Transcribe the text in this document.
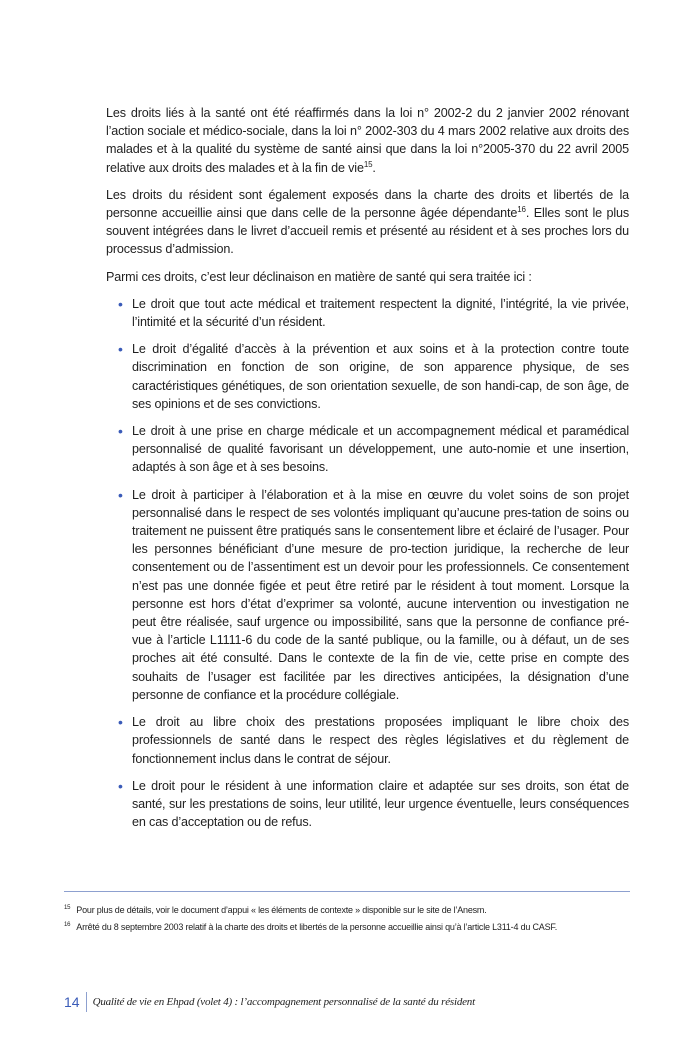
Les droits liés à la santé ont été réaffirmés dans la loi n° 2002-2 du 2 janvier 2002 rénovant l’action sociale et médico-sociale, dans la loi n° 2002-303 du 4 mars 2002 relative aux droits des malades et à la qualité du système de santé ainsi que dans la loi n°2005-370 du 22 avril 2005 relative aux droits des malades et à la fin de vie$^{15}$.

Les droits du résident sont également exposés dans la charte des droits et libertés de la personne accueillie ainsi que dans celle de la personne âgée dépendante$^{16}$. Elles sont le plus souvent intégrées dans le livret d’accueil remis et présenté au résident et à ses proches lors du processus d’admission.

Parmi ces droits, c’est leur déclinaison en matière de santé qui sera traitée ici :

• Le droit que tout acte médical et traitement respectent la dignité, l’intégrité, la vie privée, l’intimité et la sécurité d’un résident.
• Le droit d’égalité d’accès à la prévention et aux soins et à la protection contre toute discrimination en fonction de son origine, de son apparence physique, de ses caractéristiques génétiques, de son orientation sexuelle, de son handi-cap, de son âge, de ses opinions et de ses convictions.
• Le droit à une prise en charge médicale et un accompagnement médical et paramédical personnalisé de qualité favorisant un développement, une auto-nomie et une insertion, adaptés à son âge et à ses besoins.
• Le droit à participer à l’élaboration et à la mise en œuvre du volet soins de son projet personnalisé dans le respect de ses volontés impliquant qu’aucune pres-tation de soins ou traitement ne puissent être pratiqués sans le consentement libre et éclairé de l’usager. Pour les personnes bénéficiant d’une mesure de pro-tection juridique, la recherche de leur consentement ou de l’assentiment est un devoir pour les professionnels. Ce consentement n’est pas une donnée figée et peut être retiré par le résident à tout moment. Lorsque la personne est hors d’état d’exprimer sa volonté, aucune intervention ou investigation ne peut être réalisée, sauf urgence ou impossibilité, sans que la personne de confiance pré-vue à l’article L1111-6 du code de la santé publique, ou la famille, ou à défaut, un de ses proches ait été consulté. Dans le contexte de la fin de vie, cette prise en compte des souhaits de l’usager est facilitée par les directives anticipées, la désignation d’une personne de confiance et la procédure collégiale.
• Le droit au libre choix des prestations proposées impliquant le libre choix des professionnels de santé dans le respect des règles législatives et du règlement de fonctionnement inclus dans le contrat de séjour.
• Le droit pour le résident à une information claire et adaptée sur ses droits, son état de santé, sur les prestations de soins, leur utilité, leur urgence éventuelle, leurs conséquences en cas d’acceptation ou de refus.

$^{15}$ Pour plus de détails, voir le document d’appui « les éléments de contexte » disponible sur le site de l’Anesm.

$^{16}$ Arrêté du 8 septembre 2003 relatif à la charte des droits et libertés de la personne accueillie ainsi qu’à l’article L311-4 du CASF.

14	Qualité de vie en Ehpad (volet 4) : l’accompagnement personnalisé de la santé du résident
